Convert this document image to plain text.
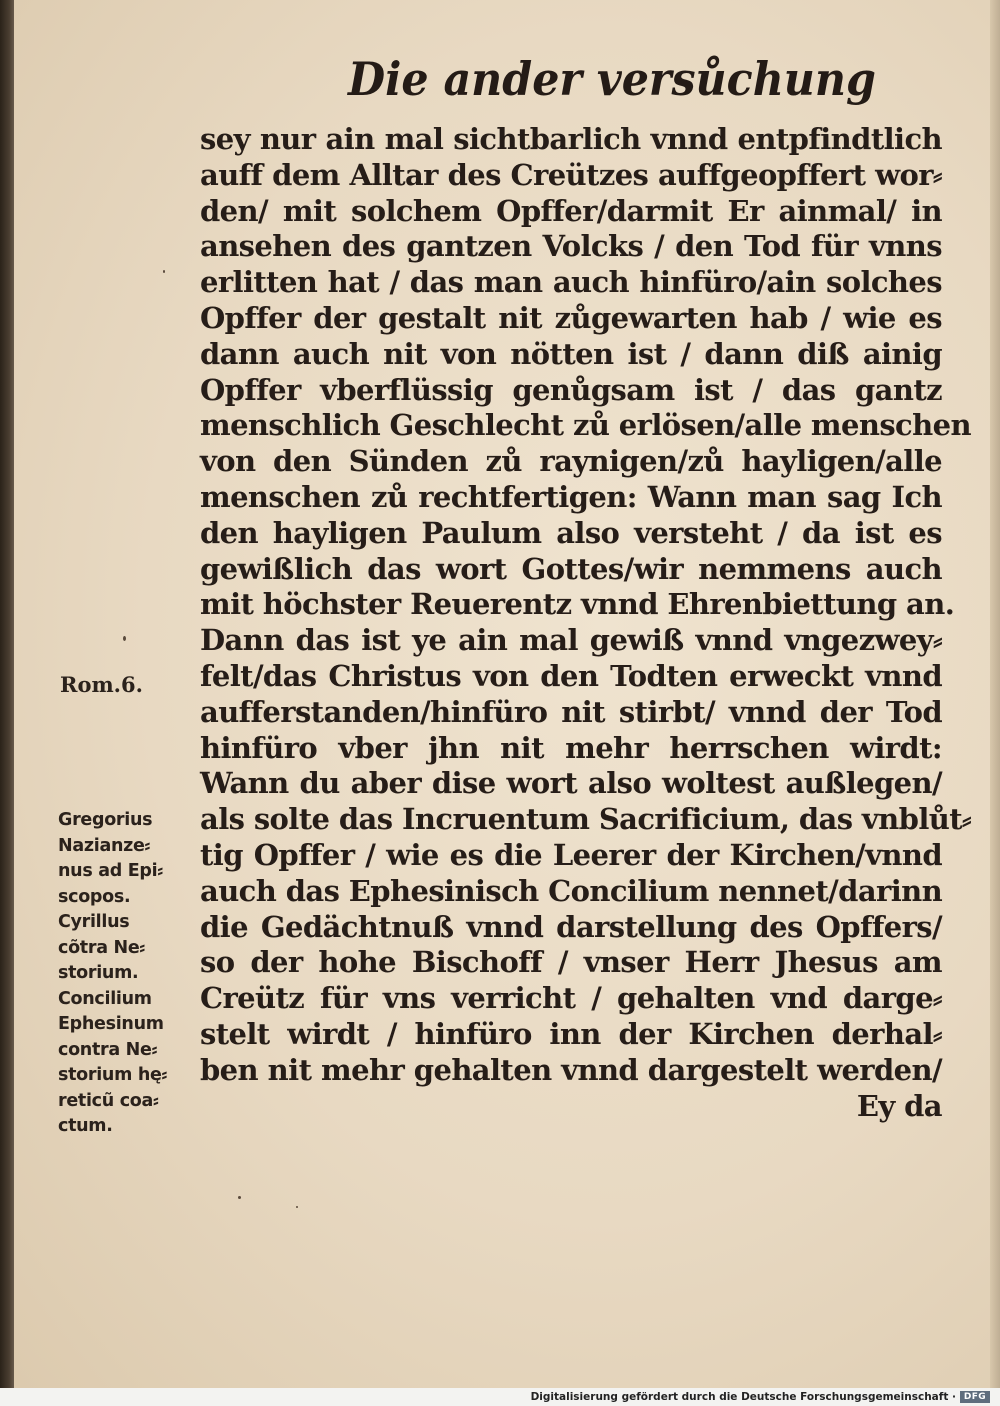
Die ander versůchung
sey nur ain mal sichtbarlich vnnd entpfindtlich
auff dem Alltar des Creützes auffgeopffert wor⸗
den/ mit solchem Opffer/darmit Er ainmal/ in
ansehen des gantzen Volcks / den Tod für vnns
erlitten hat / das man auch hinfüro/ain solches
Opffer der gestalt nit zůgewarten hab / wie es
dann auch nit von nötten ist / dann diß ainig
Opffer vberflüssig genůgsam ist / das gantz
menschlich Geschlecht zů erlösen/alle menschen
von den Sünden zů raynigen/zů hayligen/alle
menschen zů rechtfertigen: Wann man sag Ich
den hayligen Paulum also versteht / da ist es
gewißlich das wort Gottes/wir nemmens auch
mit höchster Reuerentz vnnd Ehrenbiettung an.
Dann das ist ye ain mal gewiß vnnd vngezwey⸗
felt/das Christus von den Todten erweckt vnnd
aufferstanden/hinfüro nit stirbt/ vnnd der Tod
hinfüro vber jhn nit mehr herrschen wirdt:
Wann du aber dise wort also woltest außlegen/
als solte das Incruentum Sacrificium, das vnblůt⸗
tig Opffer / wie es die Leerer der Kirchen/vnnd
auch das Ephesinisch Concilium nennet/darinn
die Gedächtnuß vnnd darstellung des Opffers/
so der hohe Bischoff / vnser Herr Jhesus am
Creütz für vns verricht / gehalten vnd darge⸗
stelt wirdt / hinfüro inn der Kirchen derhal⸗
ben nit mehr gehalten vnnd dargestelt werden/
Ey da
Rom.6.
Gregorius
Nazianze⸗
nus ad Epi⸗
scopos.
Cyrillus
cõtra Ne⸗
storium.
Concilium
Ephesinum
contra Ne⸗
storium hę⸗
reticũ coa⸗
ctum.
Digitalisierung gefördert durch die Deutsche Forschungsgemeinschaft · DFG
